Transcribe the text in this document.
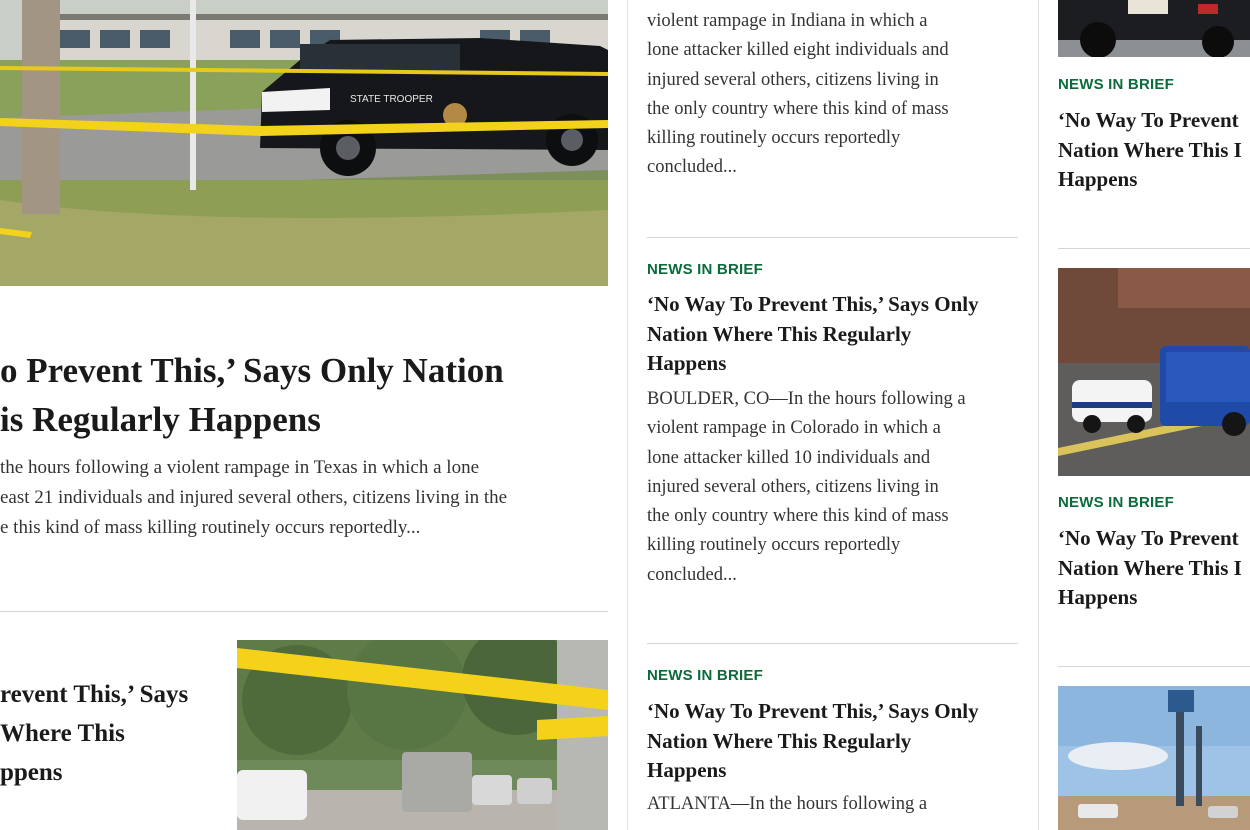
STATE TROOPER
o Prevent This,’ Says Only Nation
is Regularly Happens
the hours following a violent rampage in Texas in which a lone
east 21 individuals and injured several others, citizens living in the
e this kind of mass killing routinely occurs reportedly...
revent This,’ Says
Where This
ppens
violent rampage in Indiana in which a
lone attacker killed eight individuals and
injured several others, citizens living in
the only country where this kind of mass
killing routinely occurs reportedly
concluded...
NEWS IN BRIEF
‘No Way To Prevent This,’ Says Only
Nation Where This Regularly
Happens
BOULDER, CO—In the hours following a
violent rampage in Colorado in which a
lone attacker killed 10 individuals and
injured several others, citizens living in
the only country where this kind of mass
killing routinely occurs reportedly
concluded...
NEWS IN BRIEF
‘No Way To Prevent This,’ Says Only
Nation Where This Regularly
Happens
ATLANTA—In the hours following a
NEWS IN BRIEF
‘No Way To Prevent
Nation Where This I
Happens
NEWS IN BRIEF
‘No Way To Prevent
Nation Where This I
Happens
